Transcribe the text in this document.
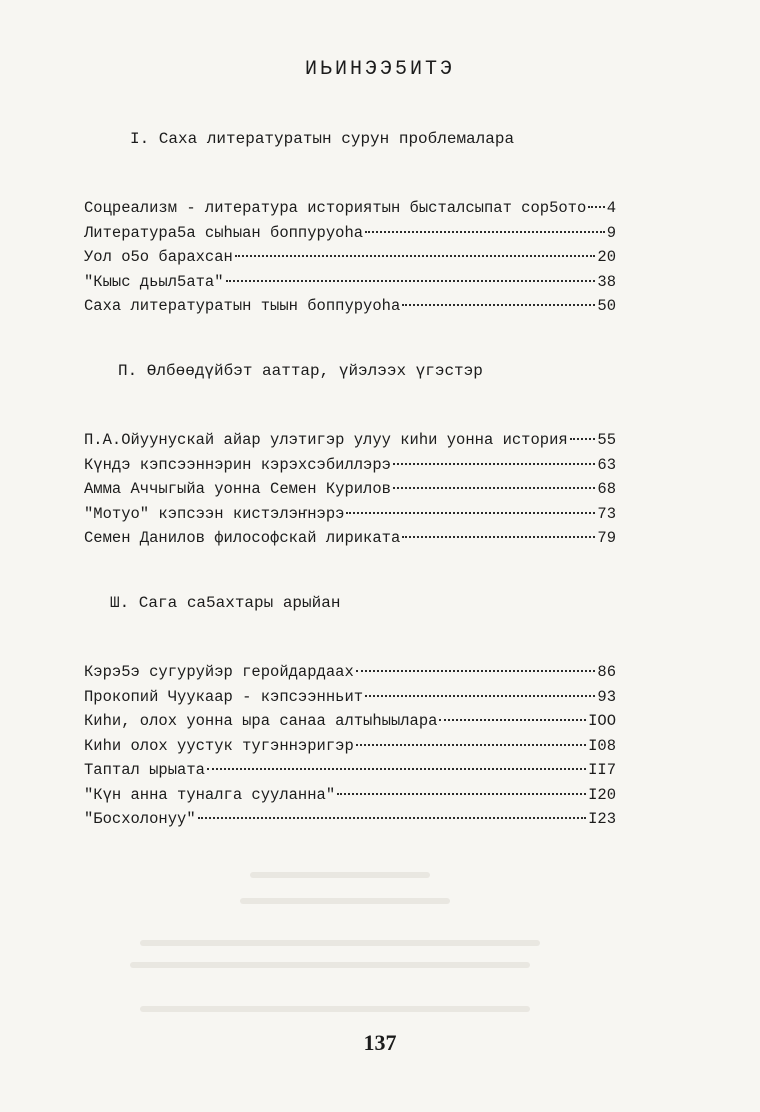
ИЬИНЭЭ5ИТЭ
I. Саха литературатын сурун проблемалара
Соцреализм - литература историятын бысталсыпат сор5ото 4
Литература5а сыһыан боппуруоһа	9
Уол о5о барахсан	20
"Кыыс дьыл5ата"	38
Саха литературатын тыын боппуруоһа	50
П. Өлбөөдүйбэт ааттар, үйэлээх үгэстэр
П.А.Ойуунускай айар улэтигэр улуу киһи уонна история 55
Күндэ кэпсээннэрин кэрэхсэбиллэрэ	63
Амма Аччыгыйа уонна Семен Курилов	68
"Мотуо" кэпсээн кистэлэҥнэрэ	73
Семен Данилов философскай лириката	79
Ш. Сага са5ахтары арыйан
Кэрэ5э сугуруйэр геройдардаах	86
Прокопий Чуукаар - кэпсээнньит	93
Киһи, олох уонна ыра санаа алтыһыылара	IOO
Киһи олох уустук тугэннэригэр	I08
Таптал ырыата	II7
"Күн анна туналга сууланна"	I20
"Босхолонуу"	I23
137
